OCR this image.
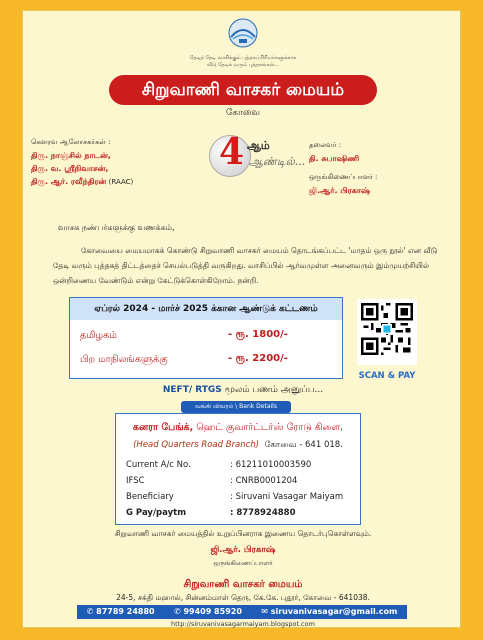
தேடித் தேடி வாசிக்கும் புத்தகப்பிரியர்களுக்காக
வீடு தேடிக் வரும் புத்தகங்கள்...
சிறுவாணி வாசகர் மையம்
கோவை
கௌரவ ஆலோசகர்கள் :
திரு. நாஞ்சில் நாடன்,
திரு. வ. ஸ்ரீநிவாசன்,
திரு. ஆர். ரவீந்திரன் (RAAC)
4 ஆம்
ஆண்டில்...
தலைவர் :
தி. சுபாஷிணி
ஒருங்கிணைப்பாளர் :
ஜி.ஆர். பிரகாஷ்
வாசக நண்பர்களுக்கு வணக்கம்,
கோவையை மையமாகக் கொண்டு சிறுவாணி வாசகர் மையம் தொடங்கப்பட்ட 'மாதம் ஒரு நூல்' என வீடு தேடி வரும் புத்தகத் திட்டத்தைச் செயல்படுத்தி வருகிறது. வாசிப்பில் ஆர்வமுள்ள அனைவரும் இம்முயற்சியில் ஒன்றிணைய வேண்டும் என்று கேட்டுக்கொள்கிறோம். நன்றி.
ஏப்ரல் 2024 - மார்ச் 2025 க்கான ஆண்டுக் கட்டணம்
தமிழகம்	- ரூ. 1800/-
பிற மாநிலங்களுக்கு	- ரூ. 2200/-
SCAN & PAY
NEFT/ RTGS மூலம் பணம் அனுப்ப...
வங்கி விவரம் \ Bank Details
கனரா பேங்க், ஹெட் குவார்ட்டர்ஸ் ரோடு கிளை,
(Head Quarters Road Branch) கோவை - 641 018.
Current A/c No.	: 61211010003590
IFSC	: CNRB0001204
Beneficiary	: Siruvani Vasagar Maiyam
G Pay/paytm	: 8778924880
சிறுவாணி வாசகர் மையத்தில் உறுப்பினராக இணைய தொடர்புகொள்ளவும்.
ஜி.ஆர். பிரகாஷ்
ஒருங்கிணைப்பாளர்
சிறுவாணி வாசகர் மையம்
24-5, சக்தி மஹால், சின்னம்மாள் தெரு, கே.கே. புதூர், கோவை - 641038.
✆ 87789 24880 ✆ 99409 85920 ✉ siruvanivasagar@gmail.com
http://siruvanivasagarmaiyam.blogspot.com
